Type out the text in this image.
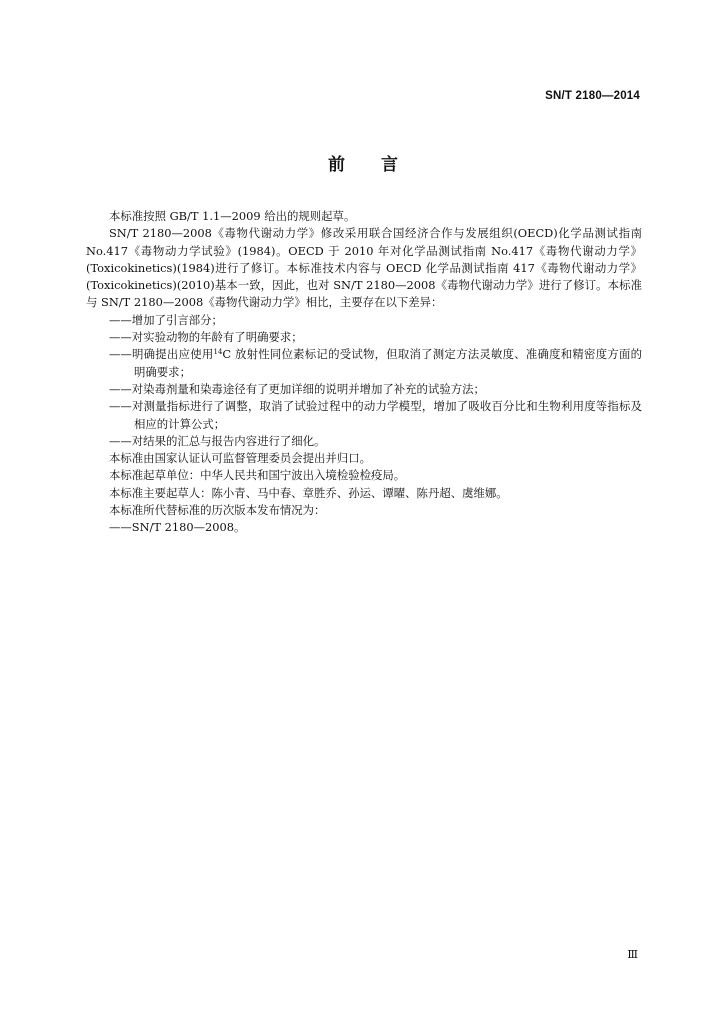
SN/T 2180—2014
前 言

本标准按照 GB/T 1.1—2009 给出的规则起草。

SN/T 2180—2008《毒物代谢动力学》修改采用联合国经济合作与发展组织(OECD)化学品测试指南 No.417《毒物动力学试验》(1984)。OECD 于 2010 年对化学品测试指南 No.417《毒物代谢动力学》(Toxicokinetics)(1984)进行了修订。本标准技术内容与 OECD 化学品测试指南 417《毒物代谢动力学》(Toxicokinetics)(2010)基本一致，因此，也对 SN/T 2180—2008《毒物代谢动力学》进行了修订。本标准与 SN/T 2180—2008《毒物代谢动力学》相比，主要存在以下差异：

——增加了引言部分；

——对实验动物的年龄有了明确要求；

——明确提出应使用$^{14}$C 放射性同位素标记的受试物，但取消了测定方法灵敏度、准确度和精密度方面的明确要求；

——对染毒剂量和染毒途径有了更加详细的说明并增加了补充的试验方法；

——对测量指标进行了调整，取消了试验过程中的动力学模型，增加了吸收百分比和生物利用度等指标及相应的计算公式；

——对结果的汇总与报告内容进行了细化。

本标准由国家认证认可监督管理委员会提出并归口。

本标准起草单位：中华人民共和国宁波出入境检验检疫局。

本标准主要起草人：陈小青、马中春、章胜乔、孙运、谭曜、陈丹超、虞维娜。

本标准所代替标准的历次版本发布情况为：

——SN/T 2180—2008。

Ⅲ
